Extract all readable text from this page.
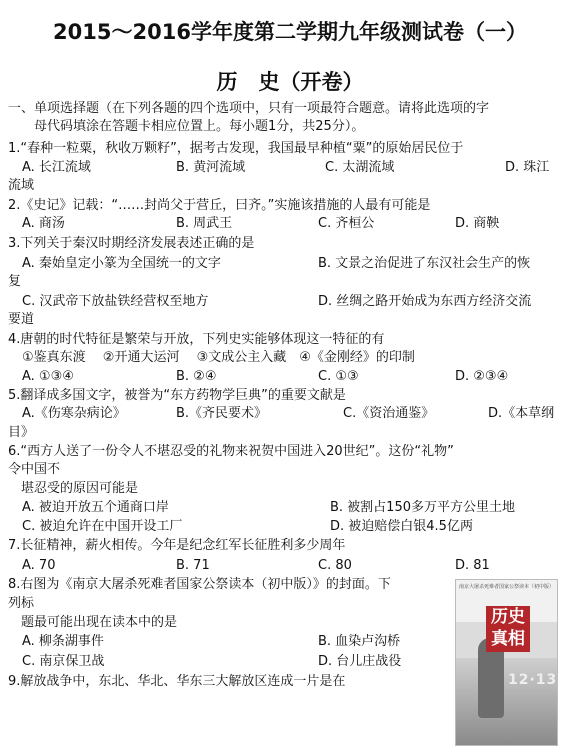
2015～2016学年度第二学期九年级测试卷（一）
历　史（开卷）
一、单项选择题（在下列各题的四个选项中，只有一项最符合题意。请将此选项的字
　　母代码填涂在答题卡相应位置上。每小题1分，共25分）。
1.“春种一粒粟，秋收万颗籽”，据考古发现，我国最早种植“粟”的原始居民位于
A. 长江流域	B. 黄河流域	C. 太湖流域	D. 珠江
流域
2.《史记》记载：“……封尚父于营丘，曰齐。”实施该措施的人最有可能是
A. 商汤	B. 周武王	C. 齐桓公	D. 商鞅
3.下列关于秦汉时期经济发展表述正确的是
A. 秦始皇定小篆为全国统一的文字	B. 文景之治促进了东汉社会生产的恢
复
C. 汉武帝下放盐铁经营权至地方	D. 丝绸之路开始成为东西方经济交流
要道
4.唐朝的时代特征是繁荣与开放，下列史实能够体现这一特征的有
①鉴真东渡　 ②开通大运河　 ③文成公主入藏　④《金刚经》的印制
A. ①③④	B. ②④	C. ①③	D. ②③④
5.翻译成多国文字，被誉为“东方药物学巨典”的重要文献是
A.《伤寒杂病论》	B.《齐民要术》	C.《资治通鉴》	D.《本草纲
目》
6.“西方人送了一份令人不堪忍受的礼物来祝贺中国进入20世纪”。这份“礼物”
令中国不
　堪忍受的原因可能是
A. 被迫开放五个通商口岸	B. 被割占150多万平方公里土地
C. 被迫允许在中国开设工厂	D. 被迫赔偿白银4.5亿两
7.长征精神，薪火相传。今年是纪念红军长征胜利多少周年
A. 70	B. 71	C. 80	D. 81
8.右图为《南京大屠杀死难者国家公祭读本（初中版）》的封面。下
列标
　题最可能出现在读本中的是
A. 柳条湖事件	B. 血染卢沟桥
C. 南京保卫战	D. 台儿庄战役
9.解放战争中，东北、华北、华东三大解放区连成一片是在
南京大屠杀死难者国家公祭读本（初中版）
历史
真相
12·13
